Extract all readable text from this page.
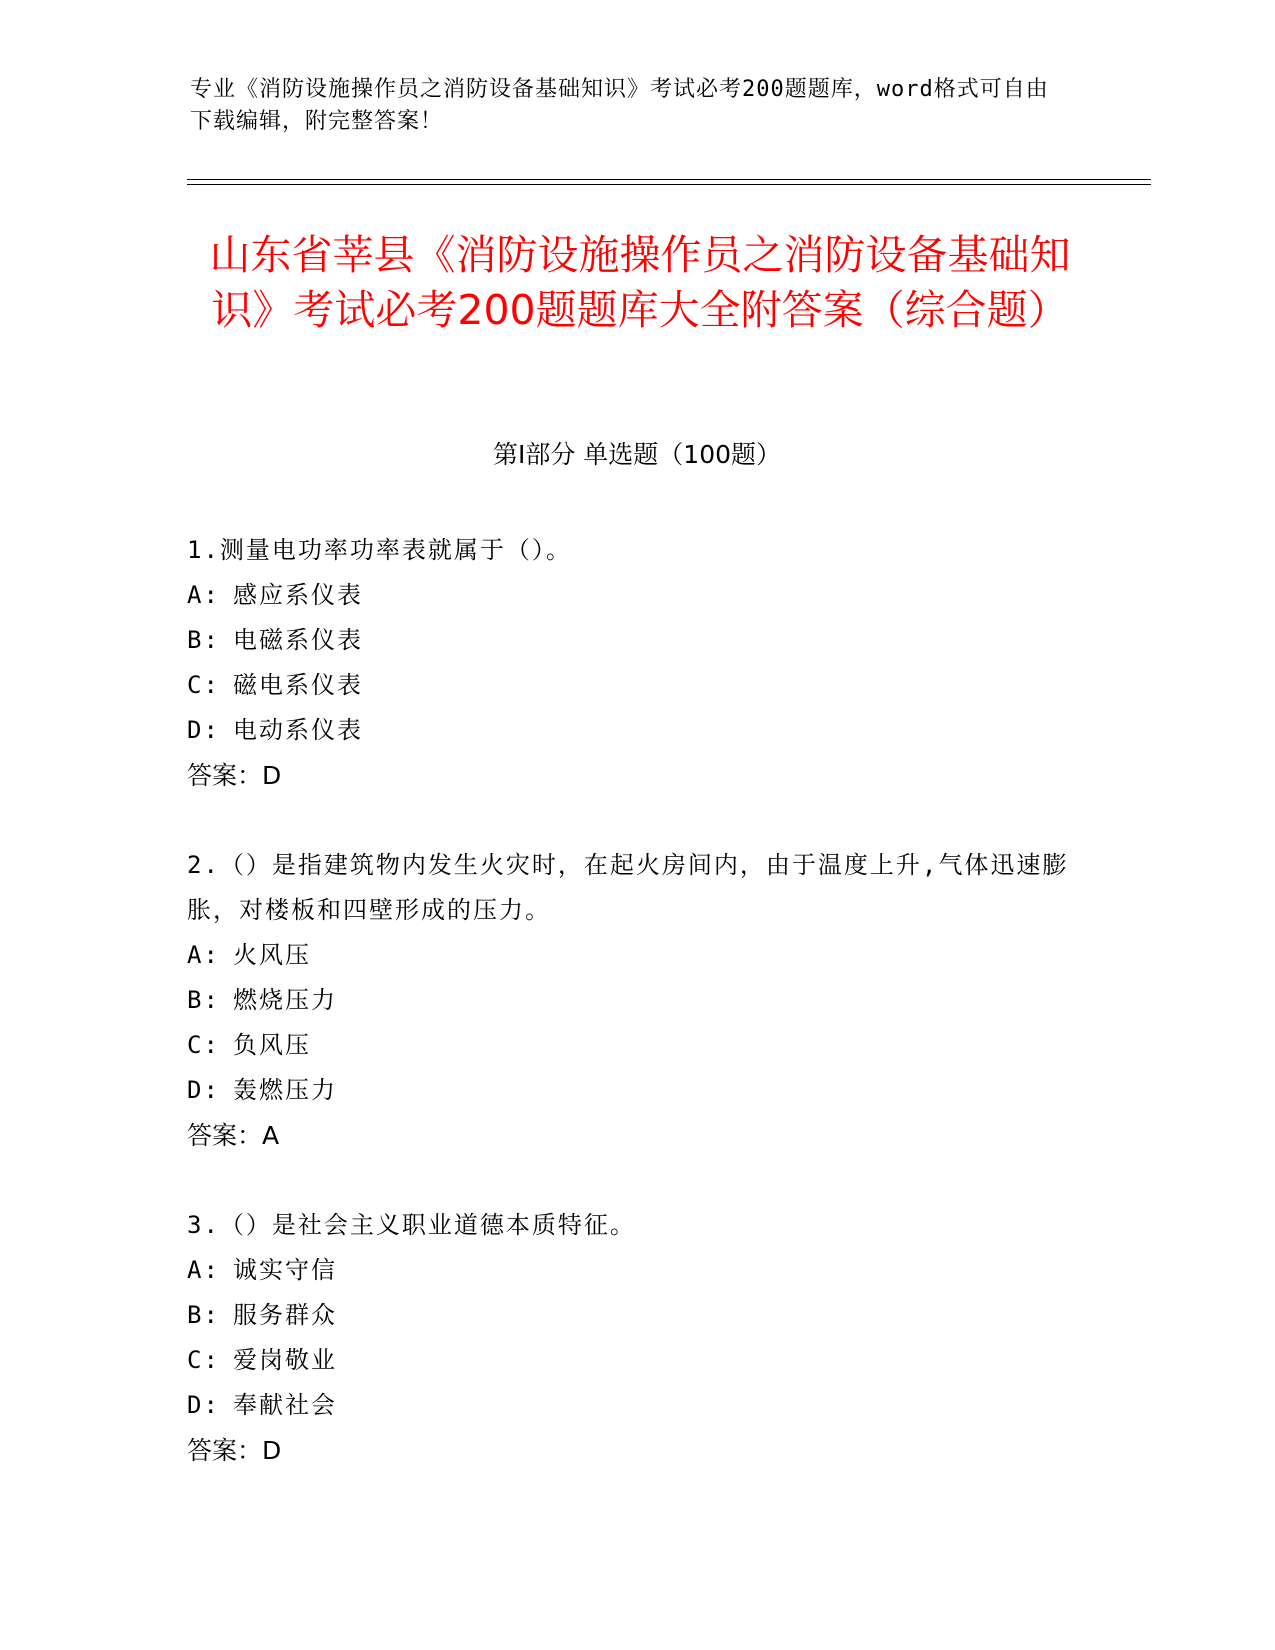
专业《消防设施操作员之消防设备基础知识》考试必考200题题库，word格式可自由下载编辑，附完整答案！
山东省莘县《消防设施操作员之消防设备基础知识》考试必考200题题库大全附答案（综合题）
第Ⅰ部分 单选题（100题）

1.测量电功率功率表就属于（）。

A: 感应系仪表

B: 电磁系仪表

C: 磁电系仪表

D: 电动系仪表

答案：D

2.（）是指建筑物内发生火灾时，在起火房间内，由于温度上升,气体迅速膨胀，对楼板和四壁形成的压力。

A: 火风压

B: 燃烧压力

C: 负风压

D: 轰燃压力

答案：A

3.（）是社会主义职业道德本质特征。

A: 诚实守信

B: 服务群众

C: 爱岗敬业

D: 奉献社会

答案：D
